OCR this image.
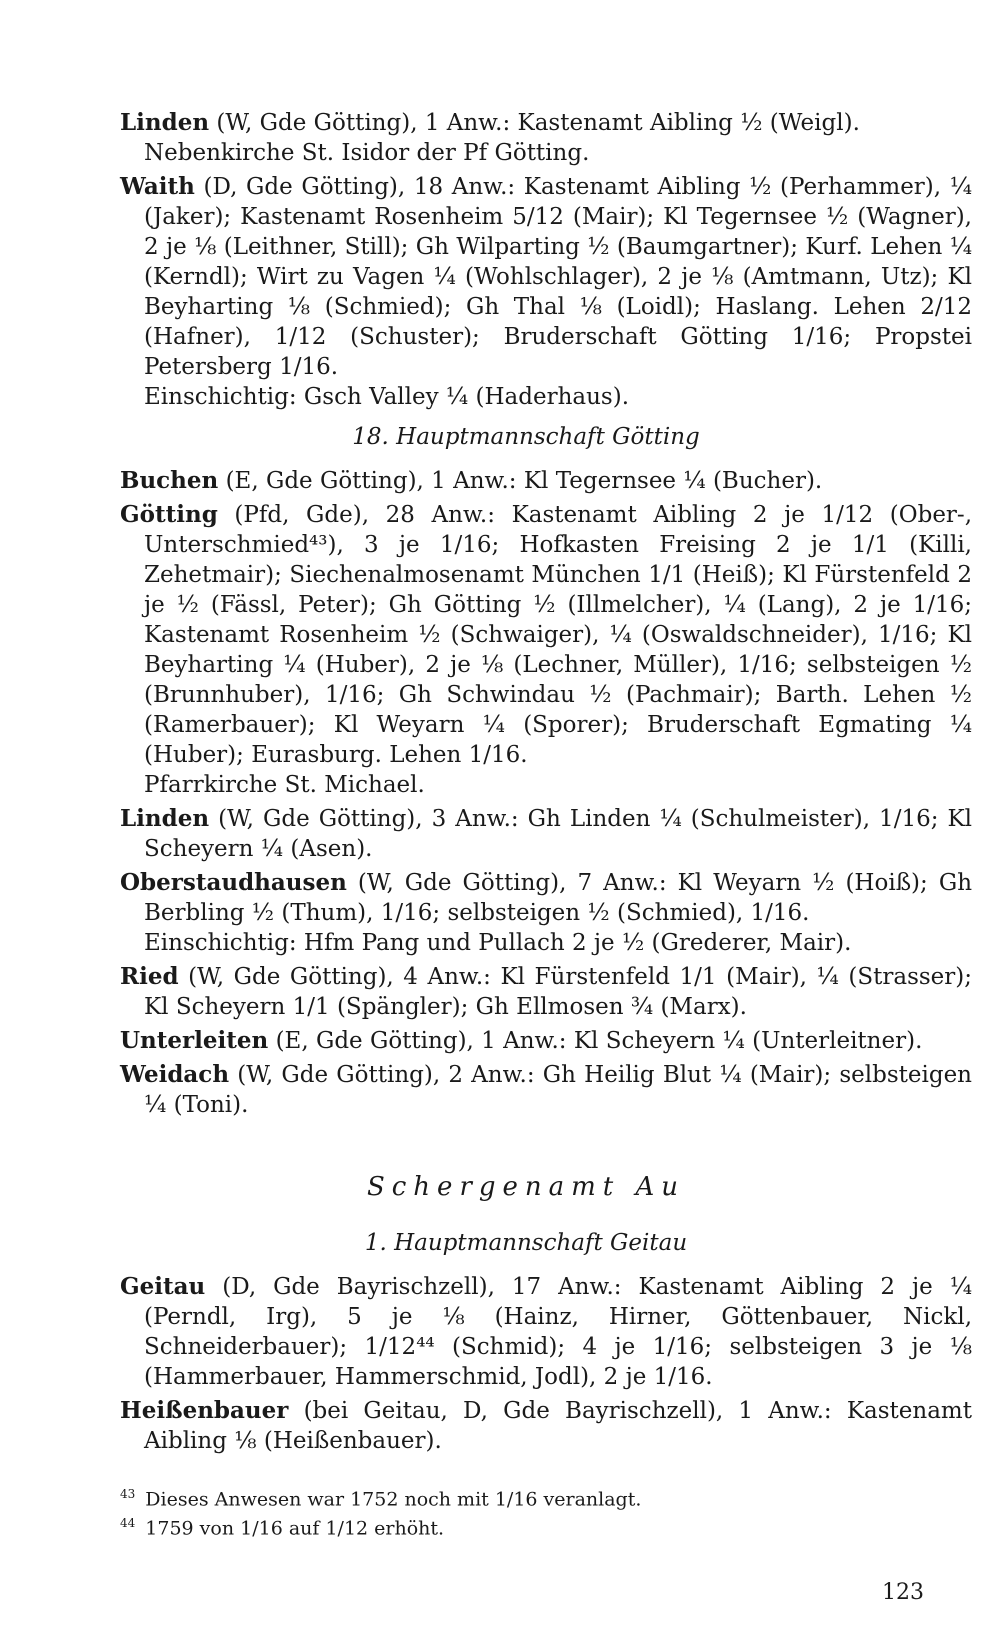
Linden (W, Gde Götting), 1 Anw.: Kastenamt Aibling ½ (Weigl).
Nebenkirche St. Isidor der Pf Götting.

Waith (D, Gde Götting), 18 Anw.: Kastenamt Aibling ½ (Perhammer), ¼ (Jaker); Kastenamt Rosenheim 5/12 (Mair); Kl Tegernsee ½ (Wagner), 2 je ⅛ (Leithner, Still); Gh Wilparting ½ (Baumgartner); Kurf. Lehen ¼ (Kerndl); Wirt zu Vagen ¼ (Wohlschlager), 2 je ⅛ (Amtmann, Utz); Kl Beyharting ⅛ (Schmied); Gh Thal ⅛ (Loidl); Haslang. Lehen 2/12 (Hafner), 1/12 (Schuster); Bruderschaft Götting 1/16; Propstei Petersberg 1/16.
Einschichtig: Gsch Valley ¼ (Haderhaus).

18. Hauptmannschaft Götting

Buchen (E, Gde Götting), 1 Anw.: Kl Tegernsee ¼ (Bucher).

Götting (Pfd, Gde), 28 Anw.: Kastenamt Aibling 2 je 1/12 (Ober-, Unterschmied⁴³), 3 je 1/16; Hofkasten Freising 2 je 1/1 (Killi, Zehetmair); Siechenalmosenamt München 1/1 (Heiß); Kl Fürstenfeld 2 je ½ (Fässl, Peter); Gh Götting ½ (Illmelcher), ¼ (Lang), 2 je 1/16; Kastenamt Rosenheim ½ (Schwaiger), ¼ (Oswaldschneider), 1/16; Kl Beyharting ¼ (Huber), 2 je ⅛ (Lechner, Müller), 1/16; selbsteigen ½ (Brunnhuber), 1/16; Gh Schwindau ½ (Pachmair); Barth. Lehen ½ (Ramerbauer); Kl Weyarn ¼ (Sporer); Bruderschaft Egmating ¼ (Huber); Eurasburg. Lehen 1/16.
Pfarrkirche St. Michael.

Linden (W, Gde Götting), 3 Anw.: Gh Linden ¼ (Schulmeister), 1/16; Kl Scheyern ¼ (Asen).

Oberstaudhausen (W, Gde Götting), 7 Anw.: Kl Weyarn ½ (Hoiß); Gh Berbling ½ (Thum), 1/16; selbsteigen ½ (Schmied), 1/16.
Einschichtig: Hfm Pang und Pullach 2 je ½ (Grederer, Mair).

Ried (W, Gde Götting), 4 Anw.: Kl Fürstenfeld 1/1 (Mair), ¼ (Strasser); Kl Scheyern 1/1 (Spängler); Gh Ellmosen ¾ (Marx).

Unterleiten (E, Gde Götting), 1 Anw.: Kl Scheyern ¼ (Unterleitner).

Weidach (W, Gde Götting), 2 Anw.: Gh Heilig Blut ¼ (Mair); selbsteigen ¼ (Toni).

Schergenamt Au
1. Hauptmannschaft Geitau

Geitau (D, Gde Bayrischzell), 17 Anw.: Kastenamt Aibling 2 je ¼ (Perndl, Irg), 5 je ⅛ (Hainz, Hirner, Göttenbauer, Nickl, Schneiderbauer); 1/12⁴⁴ (Schmid); 4 je 1/16; selbsteigen 3 je ⅛ (Hammerbauer, Hammerschmid, Jodl), 2 je 1/16.

Heißenbauer (bei Geitau, D, Gde Bayrischzell), 1 Anw.: Kastenamt Aibling ⅛ (Heißenbauer).

$^{43}$ Dieses Anwesen war 1752 noch mit 1/16 veranlagt.
$^{44}$ 1759 von 1/16 auf 1/12 erhöht.
123
